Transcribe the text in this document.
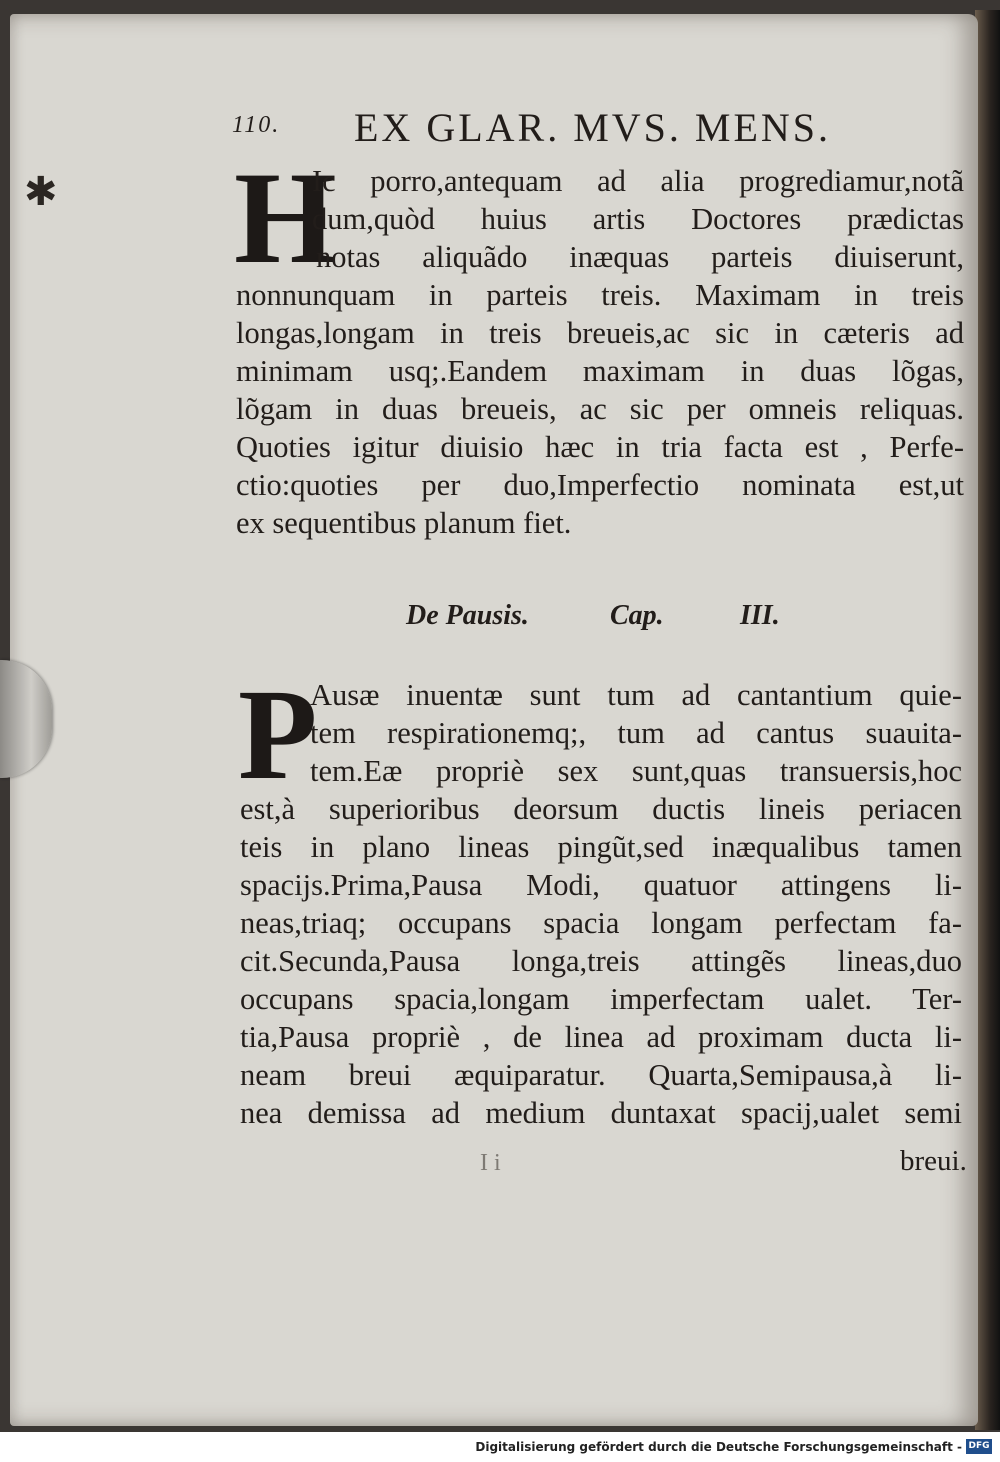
✱
110. EX GLAR. MVS. MENS.
H
Ic porro,antequam ad alia progrediamur,notã
dum,quòd huius artis Doctores prædictas
notas aliquãdo inæquas parteis diuiserunt,
nonnunquam in parteis treis. Maximam in treis
longas,longam in treis breueis,ac sic in cæteris ad
minimam usq;.Eandem maximam in duas lõgas,
lõgam in duas breueis, ac sic per omneis reliquas.
Quoties igitur diuisio hæc in tria facta est , Perfe-
ctio:quoties per duo,Imperfectio nominata est,ut
ex sequentibus planum fiet.
De Pausis.	Cap.	III.
P
Ausæ inuentæ sunt tum ad cantantium quie-
tem respirationemq;, tum ad cantus suauita-
tem.Eæ propriè sex sunt,quas transuersis,hoc
est,à superioribus deorsum ductis lineis periacen
teis in plano lineas pingũt,sed inæqualibus tamen
spacijs.Prima,Pausa Modi, quatuor attingens li-
neas,triaq; occupans spacia longam perfectam fa-
cit.Secunda,Pausa longa,treis attingẽs lineas,duo
occupans spacia,longam imperfectam ualet. Ter-
tia,Pausa propriè , de linea ad proximam ducta li-
neam breui æquiparatur. Quarta,Semipausa,à li-
nea demissa ad medium duntaxat spacij,ualet semi
I i	breui.
Digitalisierung gefördert durch die Deutsche Forschungsgemeinschaft - DFG
